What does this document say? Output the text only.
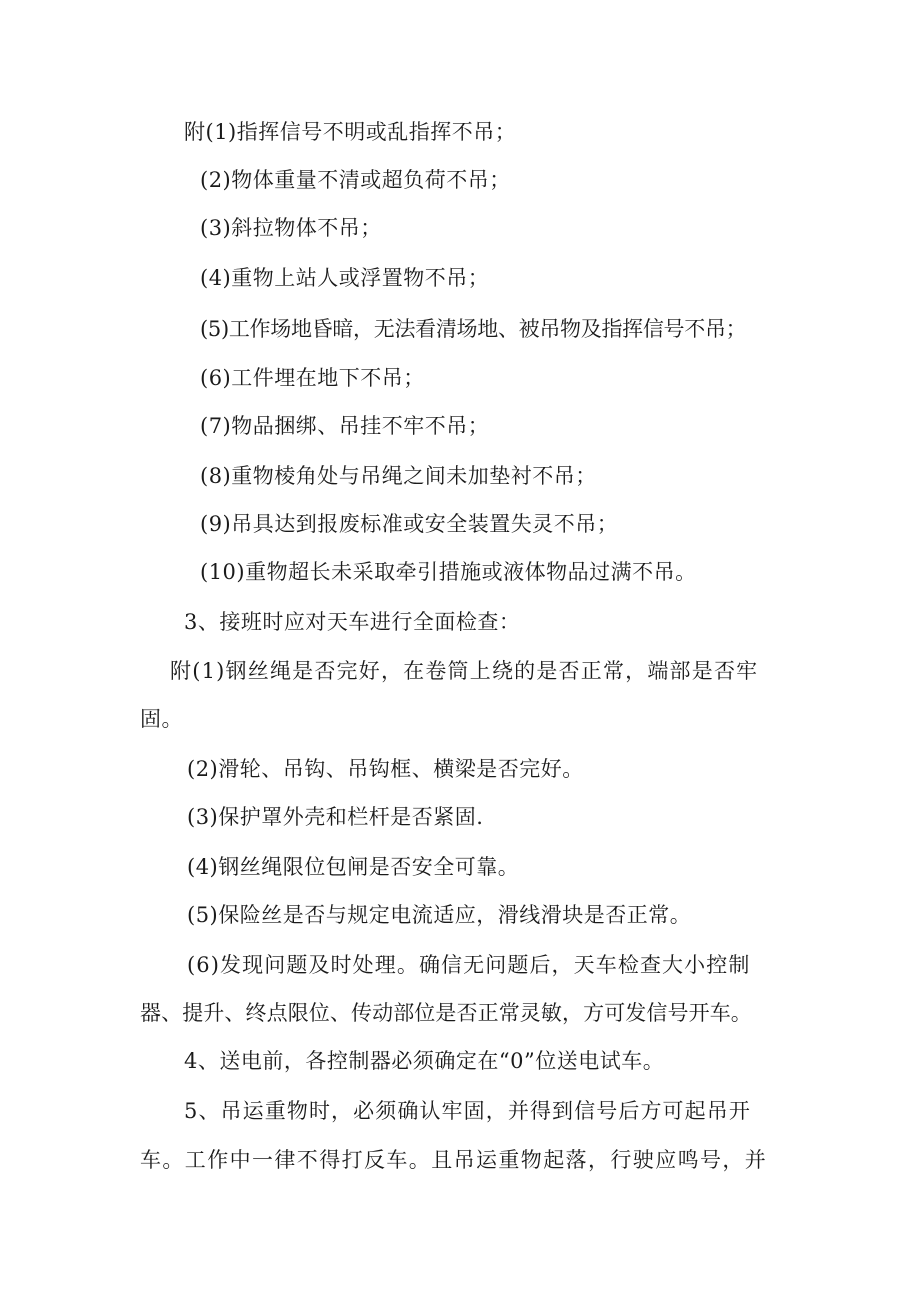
附(1)指挥信号不明或乱指挥不吊；
(2)物体重量不清或超负荷不吊；
(3)斜拉物体不吊；
(4)重物上站人或浮置物不吊；
(5)工作场地昏暗，无法看清场地、被吊物及指挥信号不吊；
(6)工件埋在地下不吊；
(7)物品捆绑、吊挂不牢不吊；
(8)重物棱角处与吊绳之间未加垫衬不吊；
(9)吊具达到报废标准或安全装置失灵不吊；
(10)重物超长未采取牵引措施或液体物品过满不吊。
3、接班时应对天车进行全面检查：
附(1)钢丝绳是否完好，在卷筒上绕的是否正常，端部是否牢
固。
(2)滑轮、吊钩、吊钩框、横梁是否完好。
(3)保护罩外壳和栏杆是否紧固.
(4)钢丝绳限位包闸是否安全可靠。
(5)保险丝是否与规定电流适应，滑线滑块是否正常。
(6)发现问题及时处理。确信无问题后，天车检查大小控制
器、提升、终点限位、传动部位是否正常灵敏，方可发信号开车。
4、送电前，各控制器必须确定在“0”位送电试车。
5、吊运重物时，必须确认牢固，并得到信号后方可起吊开
车。工作中一律不得打反车。且吊运重物起落，行驶应鸣号，并
